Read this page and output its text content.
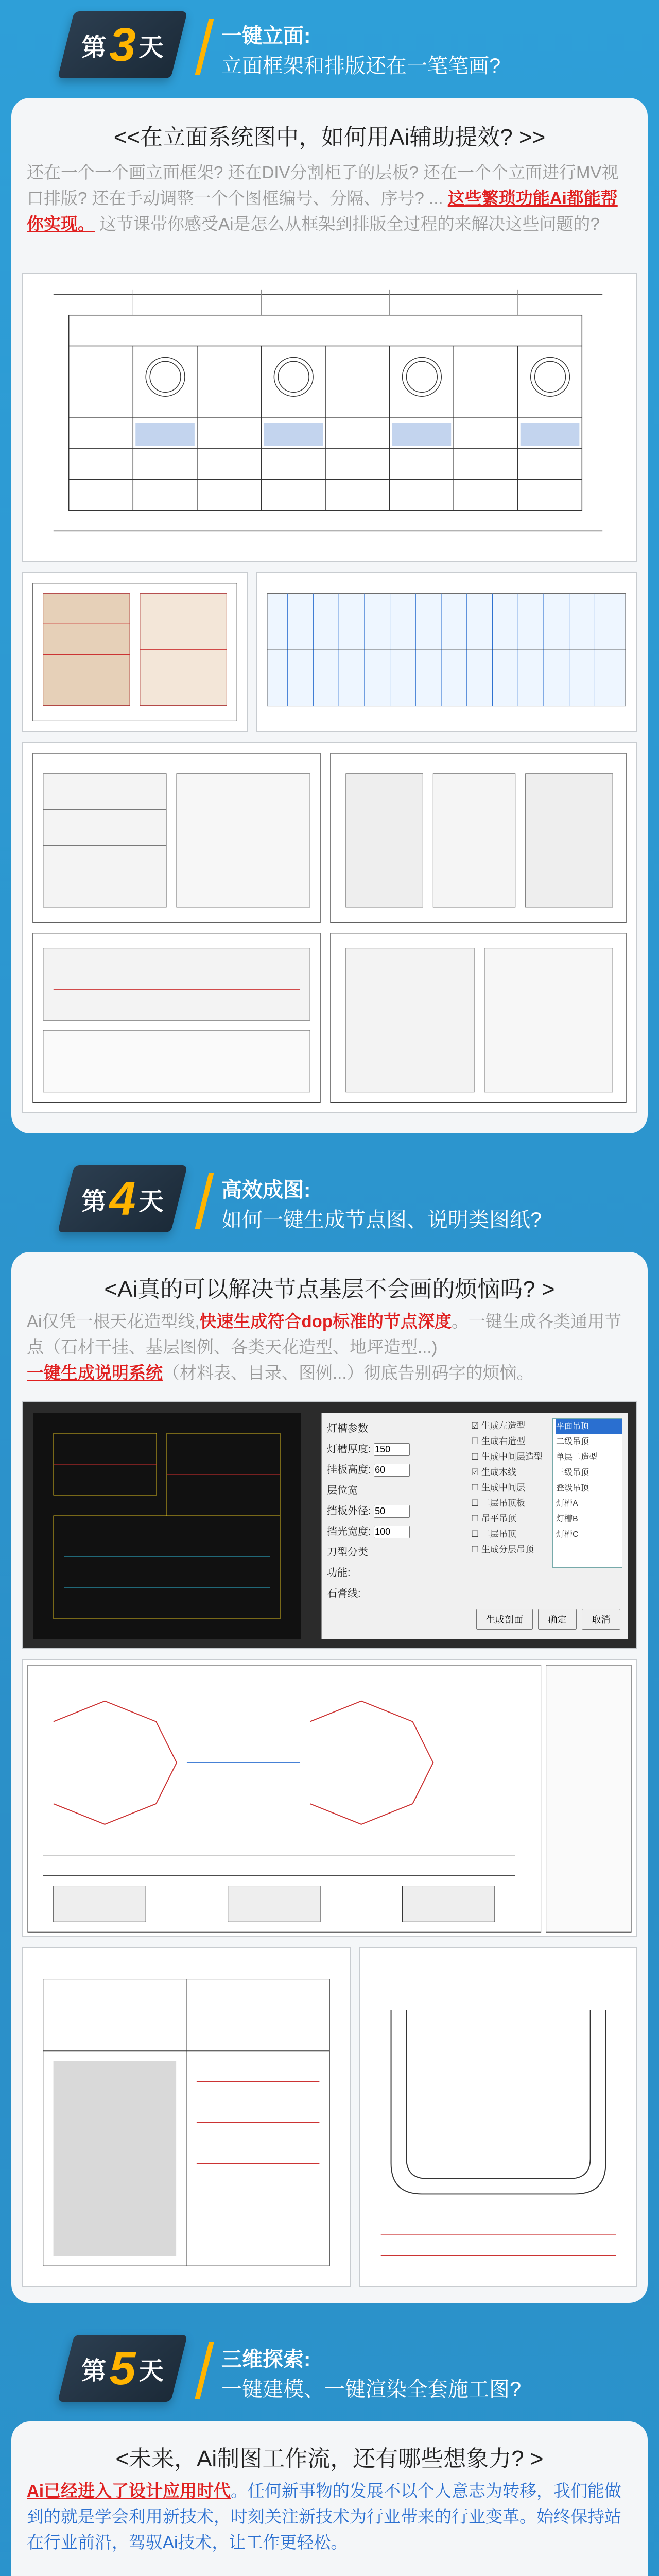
第 3 天	一键立面:
立面框架和排版还在一笔笔画?
<<在立面系统图中，如何用Ai辅助提效? >>
还在一个一个画立面框架? 还在DIV分割柜子的层板? 还在一个个立面进行MV视口排版? 还在手动调整一个个图框编号、分隔、序号? ... 这些繁琐功能Ai都能帮你实现。 这节课带你感受Ai是怎么从框架到排版全过程的来解决这些问题的?
第 4 天	高效成图:
如何一键生成节点图、说明类图纸?
<Ai真的可以解决节点基层不会画的烦恼吗? >
Ai仅凭一根天花造型线,快速生成符合dop标准的节点深度。一键生成各类通用节点（石材干挂、基层图例、各类天花造型、地坪造型...)
一键生成说明系统（材料表、目录、图例...）彻底告别码字的烦恼。
灯槽参数
灯槽厚度: 150
挂板高度: 60
层位宽
挡板外径: 50
挡光宽度: 100
刀型分类
功能:
石膏线:
☑ 生成左造型
☐ 生成右造型
☐ 生成中间层造型
☑ 生成木线
☐ 生成中间层
☐ 二层吊顶板
☐ 吊平吊顶
☐ 二层吊顶
☐ 生成分层吊顶
平面吊顶
二级吊顶
单层二造型
三级吊顶
叠级吊顶
灯槽A
灯槽B
灯槽C
生成剖面	确定	取消
第 5 天	三维探索:
一键建模、一键渲染全套施工图?
<未来，Ai制图工作流，还有哪些想象力? >
Ai已经进入了设计应用时代。任何新事物的发展不以个人意志为转移，我们能做到的就是学会利用新技术，时刻关注新技术为行业带来的行业变革。始终保持站在行业前沿，驾驭Ai技术，让工作更轻松。
